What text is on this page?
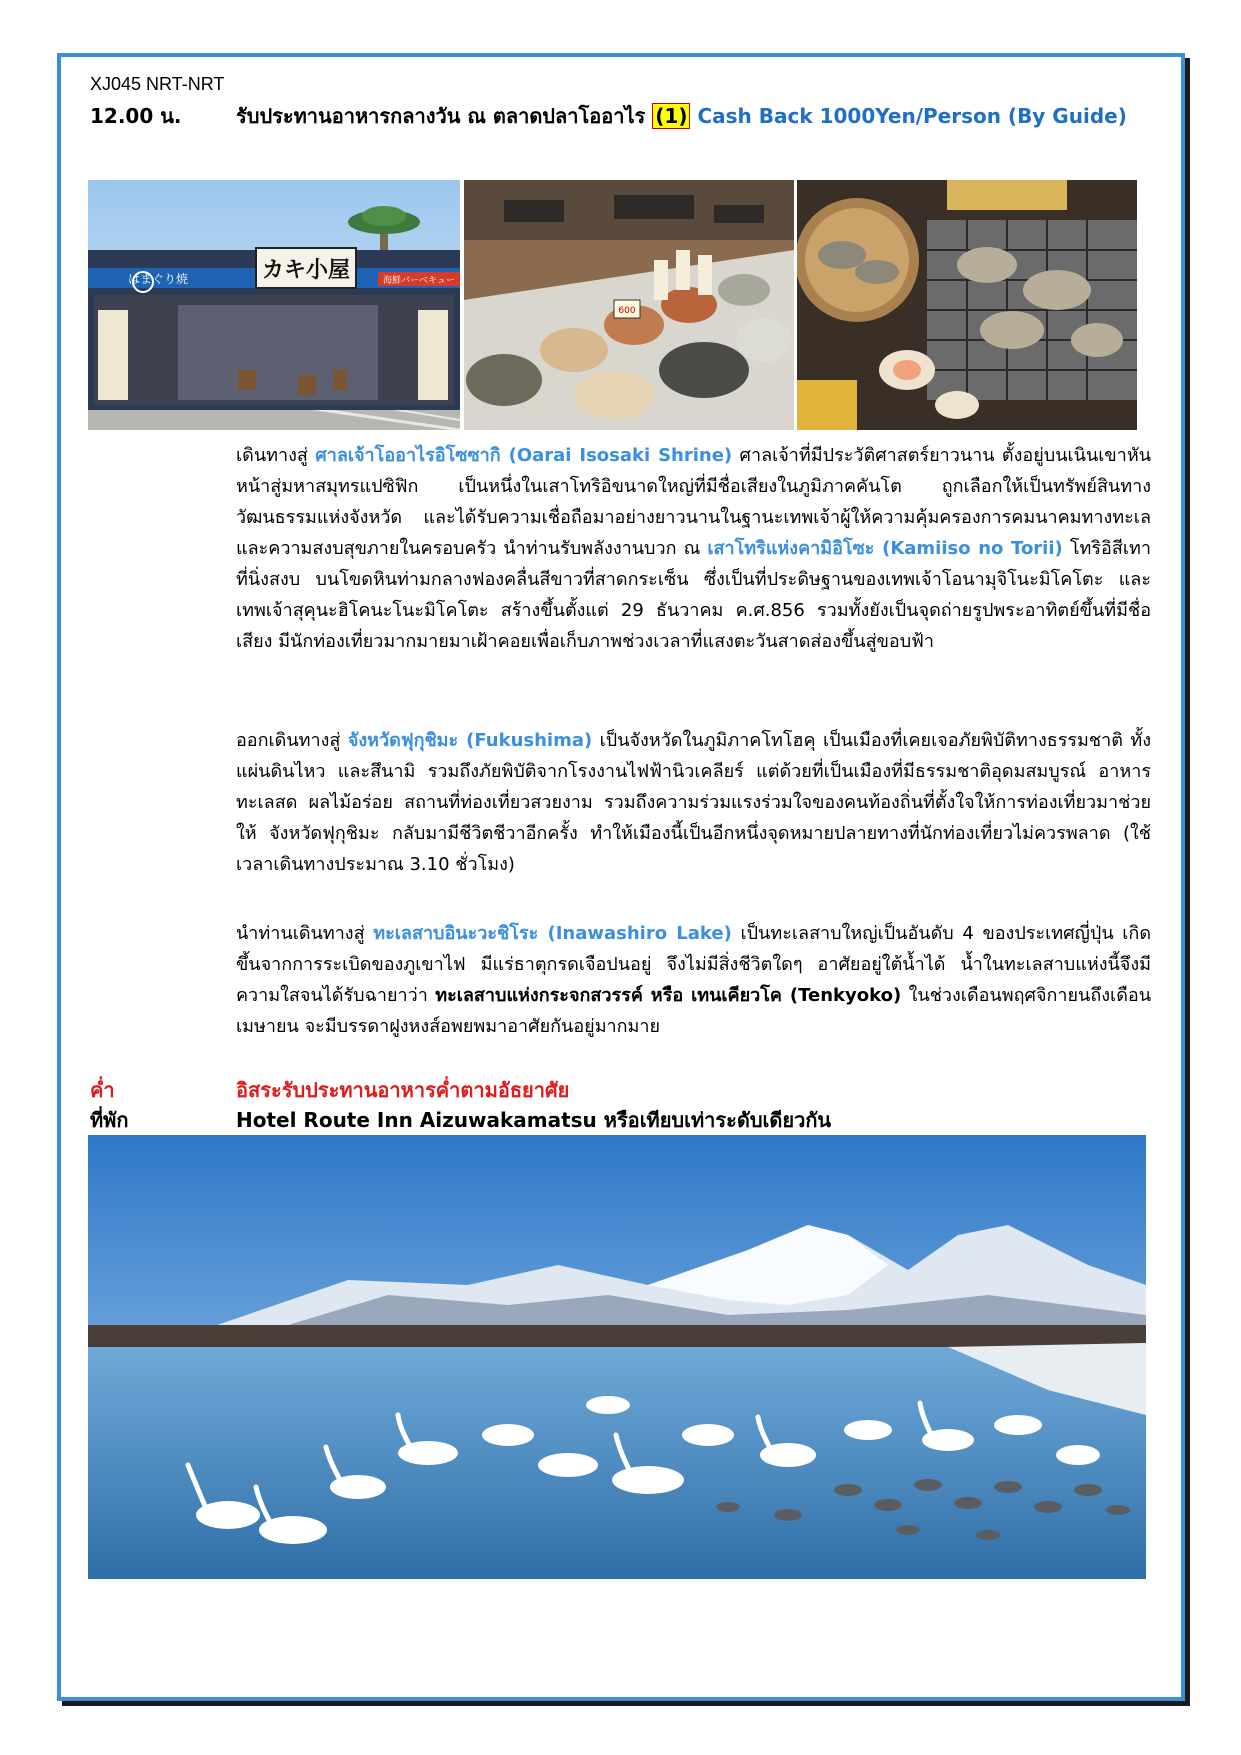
XJ045 NRT-NRT
12.00 น.	รับประทานอาหารกลางวัน ณ ตลาดปลาโออาไร (1) Cash Back 1000Yen/Person (By Guide)
カキ小屋
はまぐり焼	海鮮バーベキュー
600
เดินทางสู่ ศาลเจ้าโออาไรอิโซซากิ (Oarai Isosaki Shrine) ศาลเจ้าที่มีประวัติศาสตร์ยาวนาน ตั้งอยู่บนเนินเขาหันหน้าสู่มหาสมุทรแปซิฟิก เป็นหนึ่งในเสาโทริอิขนาดใหญ่ที่มีชื่อเสียงในภูมิภาคคันโต ถูกเลือกให้เป็นทรัพย์สินทางวัฒนธรรมแห่งจังหวัด และได้รับความเชื่อถือมาอย่างยาวนานในฐานะเทพเจ้าผู้ให้ความคุ้มครองการคมนาคมทางทะเล และความสงบสุขภายในครอบครัว นำท่านรับพลังงานบวก ณ เสาโทริแห่งคามิอิโซะ (Kamiiso no Torii) โทริอิสีเทาที่นิ่งสงบ บนโขดหินท่ามกลางฟองคลื่นสีขาวที่สาดกระเซ็น ซึ่งเป็นที่ประดิษฐานของเทพเจ้าโอนามุจิโนะมิโคโตะ และเทพเจ้าสุคุนะฮิโคนะโนะมิโคโตะ สร้างขึ้นตั้งแต่ 29 ธันวาคม ค.ศ.856 รวมทั้งยังเป็นจุดถ่ายรูปพระอาทิตย์ขึ้นที่มีชื่อเสียง มีนักท่องเที่ยวมากมายมาเฝ้าคอยเพื่อเก็บภาพช่วงเวลาที่แสงตะวันสาดส่องขึ้นสู่ขอบฟ้า
ออกเดินทางสู่ จังหวัดฟุกุชิมะ (Fukushima) เป็นจังหวัดในภูมิภาคโทโฮคุ เป็นเมืองที่เคยเจอภัยพิบัติทางธรรมชาติ ทั้งแผ่นดินไหว และสึนามิ รวมถึงภัยพิบัติจากโรงงานไฟฟ้านิวเคลียร์ แต่ด้วยที่เป็นเมืองที่มีธรรมชาติอุดมสมบูรณ์ อาหารทะเลสด ผลไม้อร่อย สถานที่ท่องเที่ยวสวยงาม รวมถึงความร่วมแรงร่วมใจของคนท้องถิ่นที่ตั้งใจให้การท่องเที่ยวมาช่วยให้ จังหวัดฟุกุชิมะ กลับมามีชีวิตชีวาอีกครั้ง ทำให้เมืองนี้เป็นอีกหนึ่งจุดหมายปลายทางที่นักท่องเที่ยวไม่ควรพลาด (ใช้เวลาเดินทางประมาณ 3.10 ชั่วโมง)
นำท่านเดินทางสู่ ทะเลสาบอินะวะชิโระ (Inawashiro Lake) เป็นทะเลสาบใหญ่เป็นอันดับ 4 ของประเทศญี่ปุ่น เกิดขึ้นจากการระเบิดของภูเขาไฟ มีแร่ธาตุกรดเจือปนอยู่ จึงไม่มีสิ่งชีวิตใดๆ อาศัยอยู่ใต้น้ำได้ น้ำในทะเลสาบแห่งนี้จึงมีความใสจนได้รับฉายาว่า ทะเลสาบแห่งกระจกสวรรค์ หรือ เทนเคียวโค (Tenkyoko) ในช่วงเดือนพฤศจิกายนถึงเดือนเมษายน จะมีบรรดาฝูงหงส์อพยพมาอาศัยกันอยู่มากมาย
ค่ำ	อิสระรับประทานอาหารค่ำตามอัธยาศัย
ที่พัก	Hotel Route Inn Aizuwakamatsu หรือเทียบเท่าระดับเดียวกัน
